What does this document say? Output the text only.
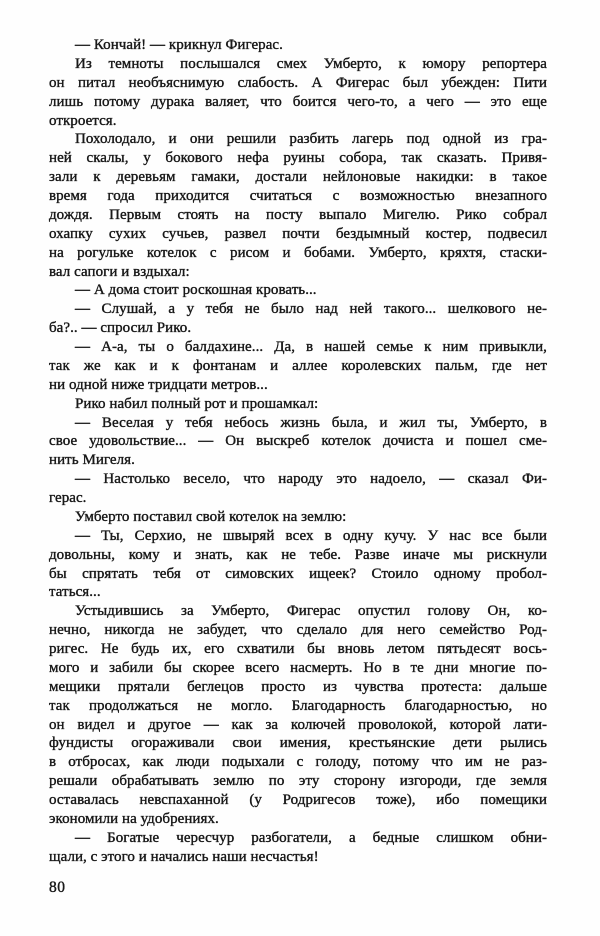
— Кончай! — крикнул Фигерас.
Из темноты послышался смех Умберто, к юмору репортера
он питал необъяснимую слабость. А Фигерас был убежден: Пити
лишь потому дурака валяет, что боится чего-то, а чего — это еще
откроется.
Похолодало, и они решили разбить лагерь под одной из гра-
ней скалы, у бокового нефа руины собора, так сказать. Привя-
зали к деревьям гамаки, достали нейлоновые накидки: в такое
время года приходится считаться с возможностью внезапного
дождя. Первым стоять на посту выпало Мигелю. Рико собрал
охапку сухих сучьев, развел почти бездымный костер, подвесил
на рогульке котелок с рисом и бобами. Умберто, кряхтя, стаски-
вал сапоги и вздыхал:
— А дома стоит роскошная кровать...
— Слушай, а у тебя не было над ней такого... шелкового не-
ба?.. — спросил Рико.
— А-а, ты о балдахине... Да, в нашей семье к ним привыкли,
так же как и к фонтанам и аллее королевских пальм, где нет
ни одной ниже тридцати метров...
Рико набил полный рот и прошамкал:
— Веселая у тебя небось жизнь была, и жил ты, Умберто, в
свое удовольствие... — Он выскреб котелок дочиста и пошел сме-
нить Мигеля.
— Настолько весело, что народу это надоело, — сказал Фи-
герас.
Умберто поставил свой котелок на землю:
— Ты, Серхио, не швыряй всех в одну кучу. У нас все были
довольны, кому и знать, как не тебе. Разве иначе мы рискнули
бы спрятать тебя от симовских ищеек? Стоило одному пробол-
таться...
Устыдившись за Умберто, Фигерас опустил голову Он, ко-
нечно, никогда не забудет, что сделало для него семейство Род-
ригес. Не будь их, его схватили бы вновь летом пятьдесят вось-
мого и забили бы скорее всего насмерть. Но в те дни многие по-
мещики прятали беглецов просто из чувства протеста: дальше
так продолжаться не могло. Благодарность благодарностью, но
он видел и другое — как за колючей проволокой, которой лати-
фундисты огораживали свои имения, крестьянские дети рылись
в отбросах, как люди подыхали с голоду, потому что им не раз-
решали обрабатывать землю по эту сторону изгороди, где земля
оставалась невспаханной (у Родригесов тоже), ибо помещики
экономили на удобрениях.
— Богатые чересчур разбогатели, а бедные слишком обни-
щали, с этого и начались наши несчастья!
80
